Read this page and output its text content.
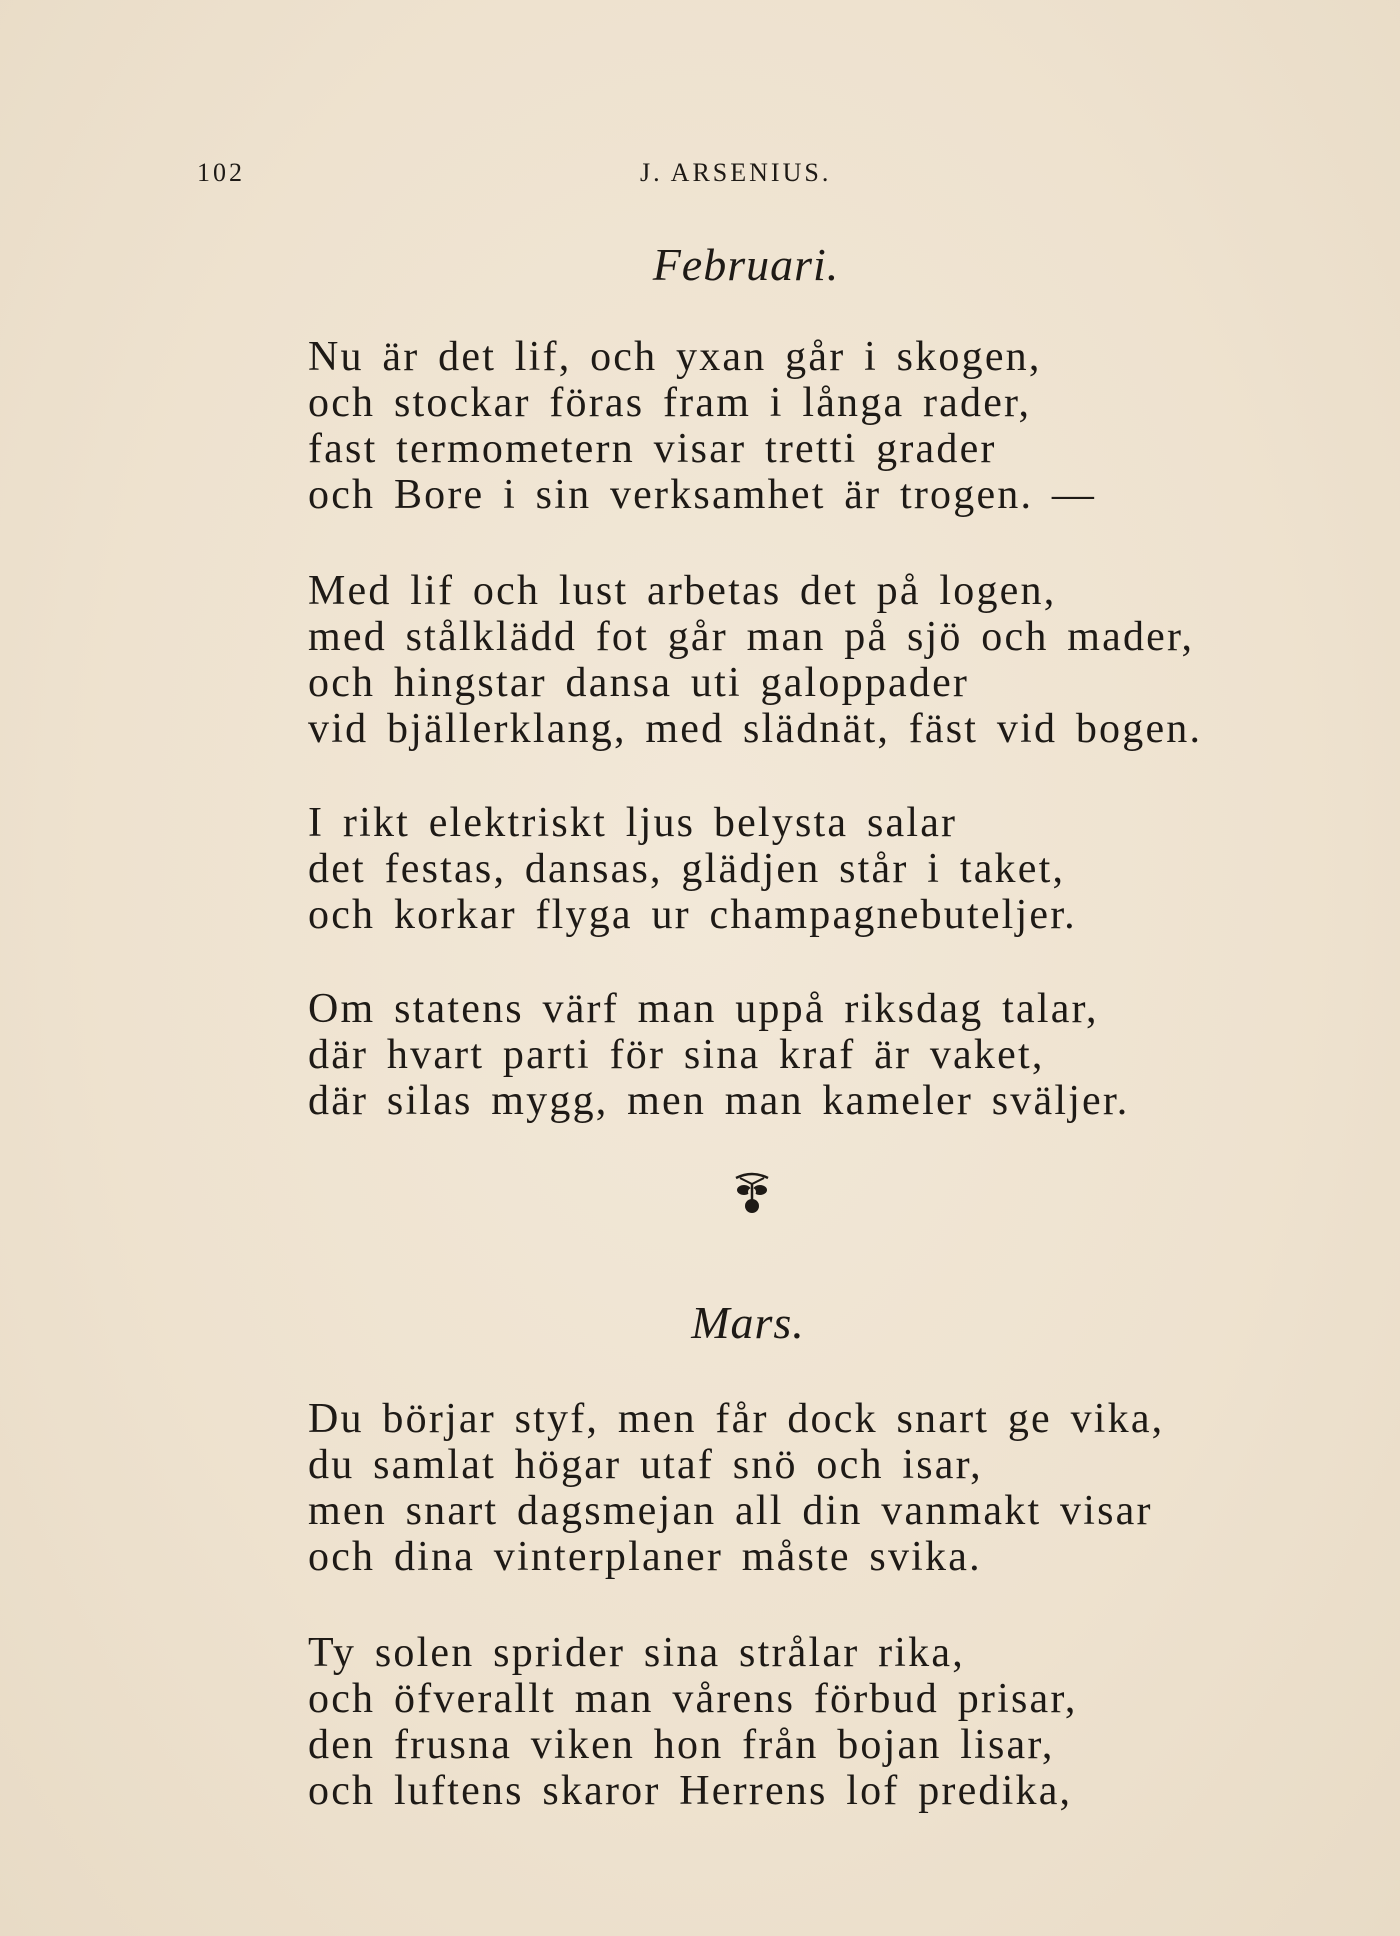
102	J. ARSENIUS.
Februari.
Nu är det lif, och yxan går i skogen,
och stockar föras fram i långa rader,
fast termometern visar tretti grader
och Bore i sin verksamhet är trogen. —
Med lif och lust arbetas det på logen,
med stålklädd fot går man på sjö och mader,
och hingstar dansa uti galoppader
vid bjällerklang, med slädnät, fäst vid bogen.
I rikt elektriskt ljus belysta salar
det festas, dansas, glädjen står i taket,
och korkar flyga ur champagnebuteljer.
Om statens värf man uppå riksdag talar,
där hvart parti för sina kraf är vaket,
där silas mygg, men man kameler sväljer.
Mars.
Du börjar styf, men får dock snart ge vika,
du samlat högar utaf snö och isar,
men snart dagsmejan all din vanmakt visar
och dina vinterplaner måste svika.
Ty solen sprider sina strålar rika,
och öfverallt man vårens förbud prisar,
den frusna viken hon från bojan lisar,
och luftens skaror Herrens lof predika,
